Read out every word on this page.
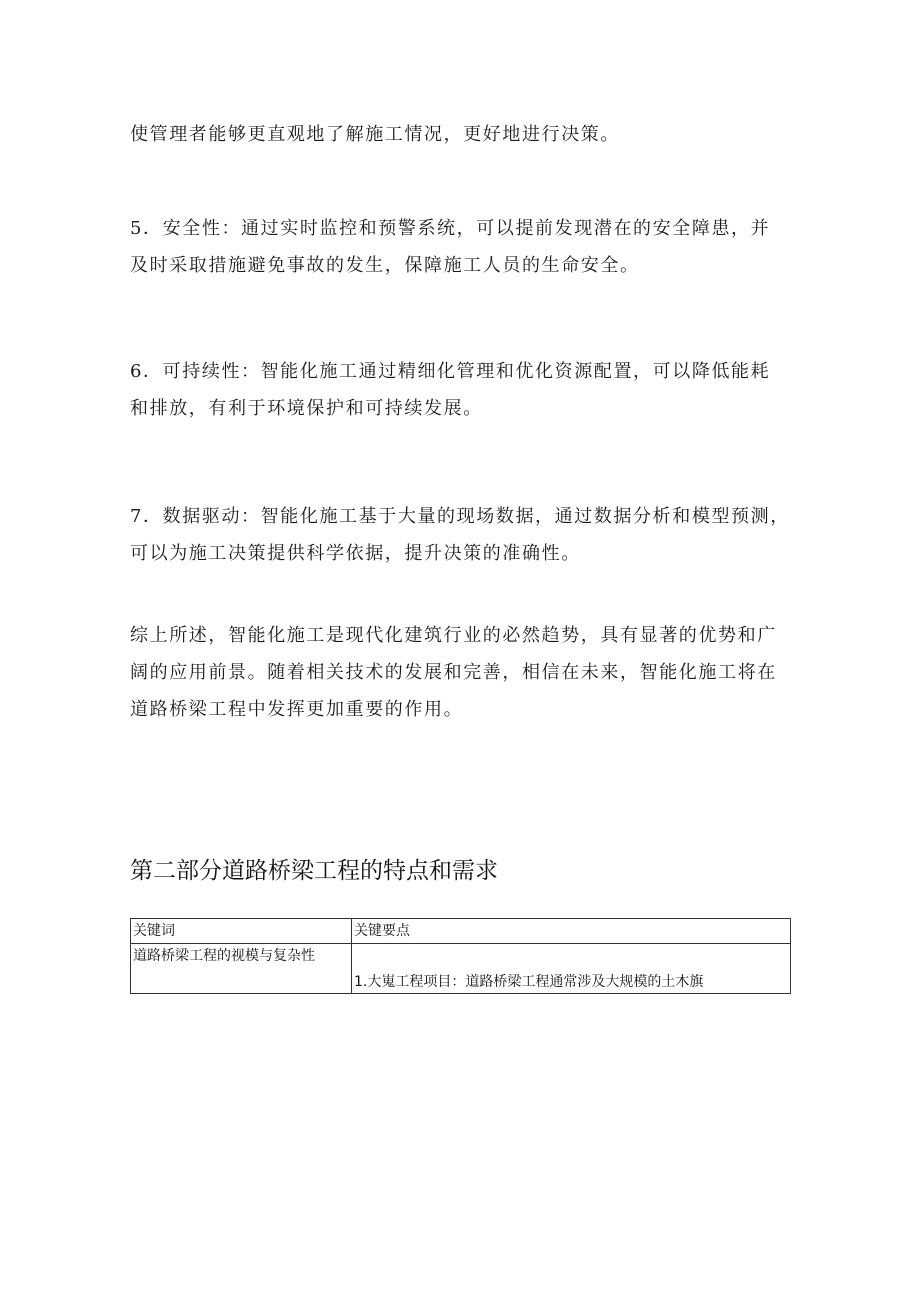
使管理者能够更直观地了解施工情况，更好地进行决策。
5．安全性：通过实时监控和预警系统，可以提前发现潜在的安全障患，并
及时采取措施避免事故的发生，保障施工人员的生命安全。
6．可持续性：智能化施工通过精细化管理和优化资源配置，可以降低能耗
和排放，有利于环境保护和可持续发展。
7．数据驱动：智能化施工基于大量的现场数据，通过数据分析和模型预测，
可以为施工决策提供科学依据，提升决策的准确性。
综上所述，智能化施工是现代化建筑行业的必然趋势，具有显著的优势和广
阔的应用前景。随着相关技术的发展和完善，相信在未来，智能化施工将在
道路桥梁工程中发挥更加重要的作用。
第二部分道路桥梁工程的特点和需求
关键词	关键要点
道路桥梁工程的视模与复杂性	1.大嵬工程项目：道路桥梁工程通常涉及大规模的土木旗
